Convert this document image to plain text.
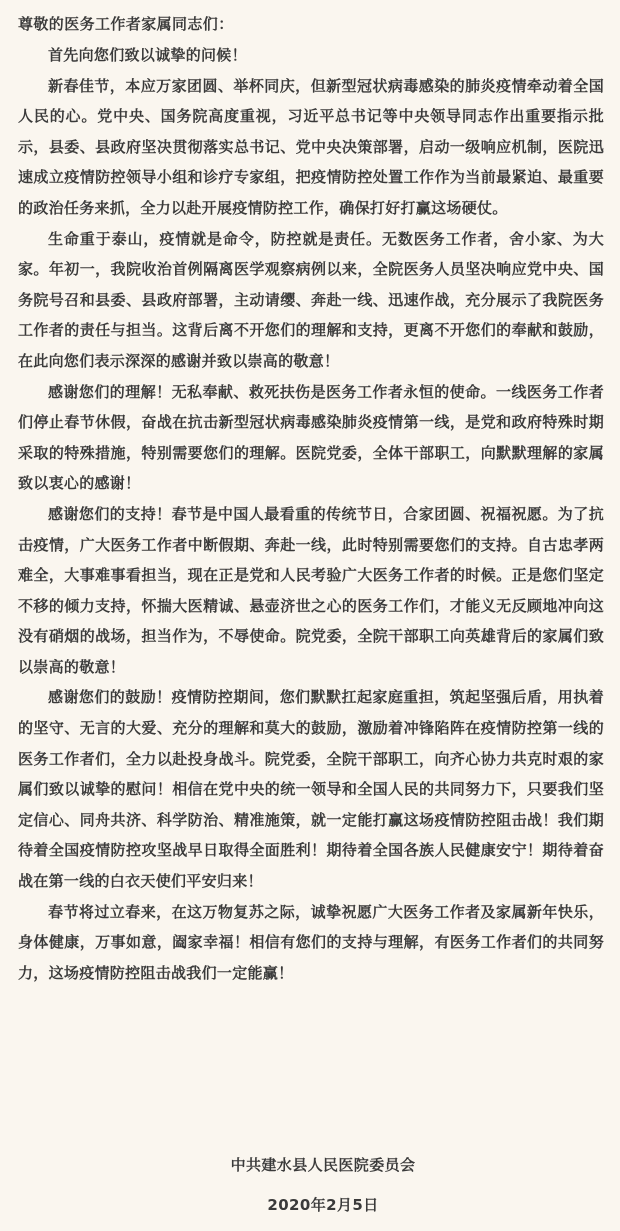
尊敬的医务工作者家属同志们：

首先向您们致以诚挚的问候！

新春佳节，本应万家团圆、举杯同庆，但新型冠状病毒感染的肺炎疫情牵动着全国人民的心。党中央、国务院高度重视，习近平总书记等中央领导同志作出重要指示批示，县委、县政府坚决贯彻落实总书记、党中央决策部署，启动一级响应机制，医院迅速成立疫情防控领导小组和诊疗专家组，把疫情防控处置工作作为当前最紧迫、最重要的政治任务来抓，全力以赴开展疫情防控工作，确保打好打赢这场硬仗。

生命重于泰山，疫情就是命令，防控就是责任。无数医务工作者，舍小家、为大家。年初一，我院收治首例隔离医学观察病例以来，全院医务人员坚决响应党中央、国务院号召和县委、县政府部署，主动请缨、奔赴一线、迅速作战，充分展示了我院医务工作者的责任与担当。这背后离不开您们的理解和支持，更离不开您们的奉献和鼓励，在此向您们表示深深的感谢并致以崇高的敬意！

感谢您们的理解！无私奉献、救死扶伤是医务工作者永恒的使命。一线医务工作者们停止春节休假，奋战在抗击新型冠状病毒感染肺炎疫情第一线，是党和政府特殊时期采取的特殊措施，特别需要您们的理解。医院党委，全体干部职工，向默默理解的家属致以衷心的感谢！

感谢您们的支持！春节是中国人最看重的传统节日，合家团圆、祝福祝愿。为了抗击疫情，广大医务工作者中断假期、奔赴一线，此时特别需要您们的支持。自古忠孝两难全，大事难事看担当，现在正是党和人民考验广大医务工作者的时候。正是您们坚定不移的倾力支持，怀揣大医精诚、悬壶济世之心的医务工作们，才能义无反顾地冲向这没有硝烟的战场，担当作为，不辱使命。院党委，全院干部职工向英雄背后的家属们致以崇高的敬意！

感谢您们的鼓励！疫情防控期间，您们默默扛起家庭重担，筑起坚强后盾，用执着的坚守、无言的大爱、充分的理解和莫大的鼓励，激励着冲锋陷阵在疫情防控第一线的医务工作者们，全力以赴投身战斗。院党委，全院干部职工，向齐心协力共克时艰的家属们致以诚挚的慰问！相信在党中央的统一领导和全国人民的共同努力下，只要我们坚定信心、同舟共济、科学防治、精准施策，就一定能打赢这场疫情防控阻击战！我们期待着全国疫情防控攻坚战早日取得全面胜利！期待着全国各族人民健康安宁！期待着奋战在第一线的白衣天使们平安归来！

春节将过立春来，在这万物复苏之际，诚挚祝愿广大医务工作者及家属新年快乐，身体健康，万事如意，阖家幸福！相信有您们的支持与理解，有医务工作者们的共同努力，这场疫情防控阻击战我们一定能赢！

中共建水县人民医院委员会
2020年2月5日
